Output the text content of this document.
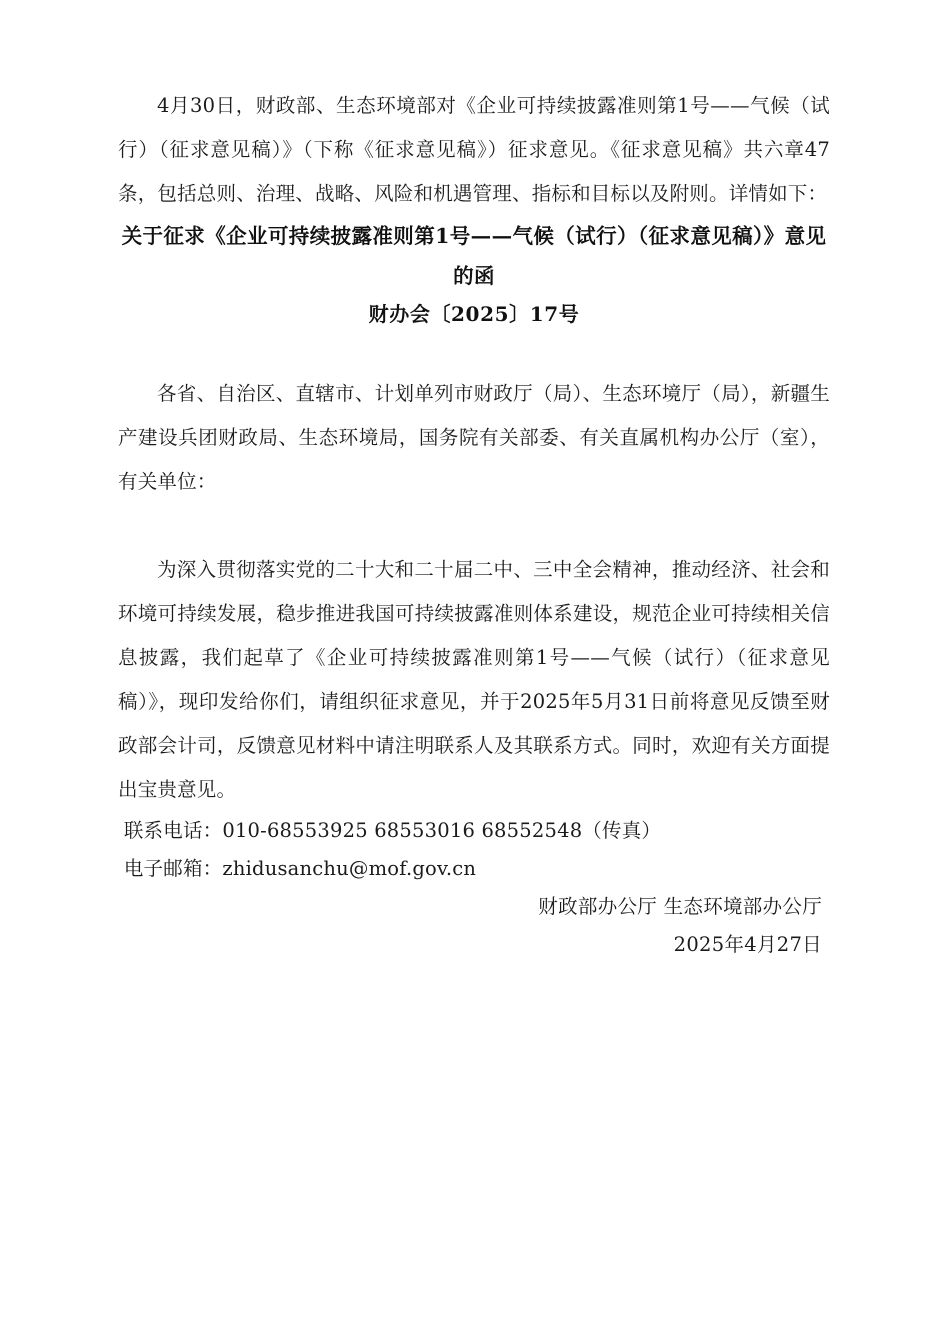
4月30日，财政部、生态环境部对《企业可持续披露准则第1号——气候（试行）（征求意见稿）》（下称《征求意见稿》）征求意见。《征求意见稿》共六章47条，包括总则、治理、战略、风险和机遇管理、指标和目标以及附则。详情如下：

关于征求《企业可持续披露准则第1号——气候（试行）（征求意见稿）》意见的函

财办会〔2025〕17号

各省、自治区、直辖市、计划单列市财政厅（局）、生态环境厅（局），新疆生产建设兵团财政局、生态环境局，国务院有关部委、有关直属机构办公厅（室），有关单位：

为深入贯彻落实党的二十大和二十届二中、三中全会精神，推动经济、社会和环境可持续发展，稳步推进我国可持续披露准则体系建设，规范企业可持续相关信息披露，我们起草了《企业可持续披露准则第1号——气候（试行）（征求意见稿）》，现印发给你们，请组织征求意见，并于2025年5月31日前将意见反馈至财政部会计司，反馈意见材料中请注明联系人及其联系方式。同时，欢迎有关方面提出宝贵意见。

联系电话：010-68553925 68553016 68552548（传真）

电子邮箱：zhidusanchu@mof.gov.cn

财政部办公厅 生态环境部办公厅

2025年4月27日
